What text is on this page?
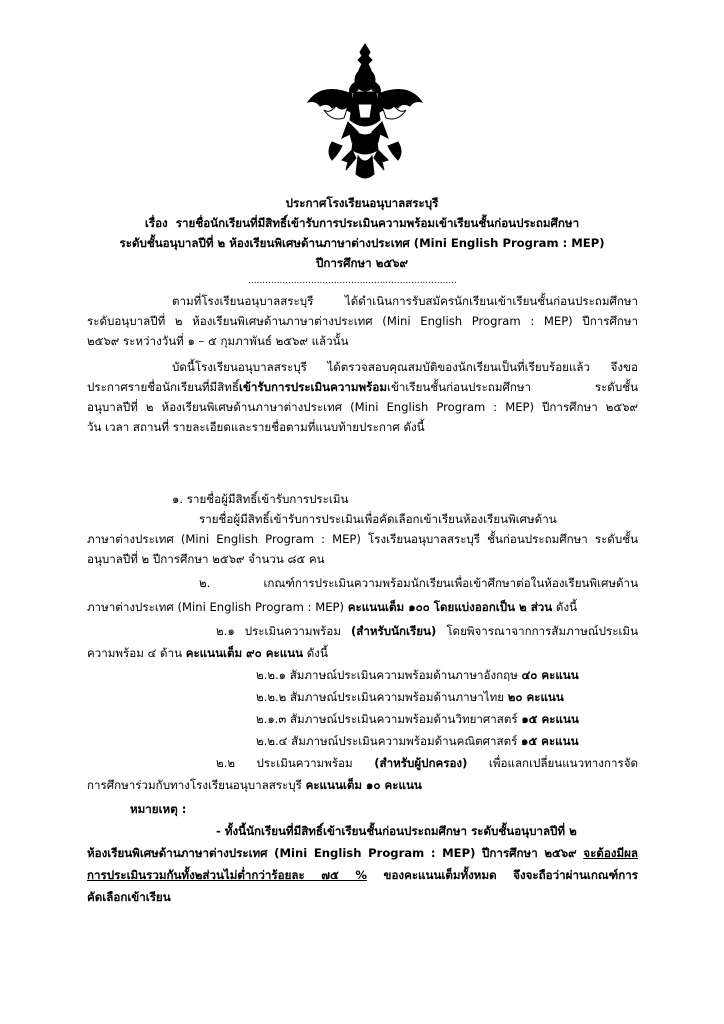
ประกาศโรงเรียนอนุบาลสระบุรี

เรื่อง รายชื่อนักเรียนที่มีสิทธิ์เข้ารับการประเมินความพร้อมเข้าเรียนชั้นก่อนประถมศึกษา

ระดับชั้นอนุบาลปีที่ ๒ ห้องเรียนพิเศษด้านภาษาต่างประเทศ (Mini English Program : MEP)

ปีการศึกษา ๒๕๖๙

.........................................................................

ตามที่โรงเรียนอนุบาลสระบุรี ได้ดำเนินการรับสมัครนักเรียนเข้าเรียนชั้นก่อนประถมศึกษา

ระดับอนุบาลปีที่ ๒ ห้องเรียนพิเศษด้านภาษาต่างประเทศ (Mini English Program : MEP) ปีการศึกษา

๒๕๖๙ ระหว่างวันที่ ๑ – ๕ กุมภาพันธ์ ๒๕๖๙ แล้วนั้น

บัดนี้โรงเรียนอนุบาลสระบุรี ได้ตรวจสอบคุณสมบัติของนักเรียนเป็นที่เรียบร้อยแล้ว จึงขอ

ประกาศรายชื่อนักเรียนที่มีสิทธิ์เข้ารับการประเมินความพร้อมเข้าเรียนชั้นก่อนประถมศึกษา ระดับชั้น

อนุบาลปีที่ ๒ ห้องเรียนพิเศษด้านภาษาต่างประเทศ (Mini English Program : MEP) ปีการศึกษา ๒๕๖๙

วัน เวลา สถานที่ รายละเอียดและรายชื่อตามที่แนบท้ายประกาศ ดังนี้

๑. รายชื่อผู้มีสิทธิ์เข้ารับการประเมิน

รายชื่อผู้มีสิทธิ์เข้ารับการประเมินเพื่อคัดเลือกเข้าเรียนห้องเรียนพิเศษด้าน

ภาษาต่างประเทศ (Mini English Program : MEP) โรงเรียนอนุบาลสระบุรี ชั้นก่อนประถมศึกษา ระดับชั้น

อนุบาลปีที่ ๒ ปีการศึกษา ๒๕๖๙ จำนวน ๘๕ คน

๒. เกณฑ์การประเมินความพร้อมนักเรียนเพื่อเข้าศึกษาต่อในห้องเรียนพิเศษด้าน

ภาษาต่างประเทศ (Mini English Program : MEP) คะแนนเต็ม ๑๐๐ โดยแบ่งออกเป็น ๒ ส่วน ดังนี้

๒.๑ ประเมินความพร้อม (สำหรับนักเรียน) โดยพิจารณาจากการสัมภาษณ์ประเมิน

ความพร้อม ๔ ด้าน คะแนนเต็ม ๙๐ คะแนน ดังนี้

๒.๒.๑ สัมภาษณ์ประเมินความพร้อมด้านภาษาอังกฤษ ๔๐ คะแนน

๒.๒.๒ สัมภาษณ์ประเมินความพร้อมด้านภาษาไทย ๒๐ คะแนน

๒.๑.๓ สัมภาษณ์ประเมินความพร้อมด้านวิทยาศาสตร์ ๑๕ คะแนน

๒.๒.๔ สัมภาษณ์ประเมินความพร้อมด้านคณิตศาสตร์ ๑๕ คะแนน

๒.๒ ประเมินความพร้อม (สำหรับผู้ปกครอง) เพื่อแลกเปลี่ยนแนวทางการจัด

การศึกษาร่วมกับทางโรงเรียนอนุบาลสระบุรี คะแนนเต็ม ๑๐ คะแนน

หมายเหตุ :

- ทั้งนี้นักเรียนที่มีสิทธิ์เข้าเรียนชั้นก่อนประถมศึกษา ระดับชั้นอนุบาลปีที่ ๒

ห้องเรียนพิเศษด้านภาษาต่างประเทศ (Mini English Program : MEP) ปีการศึกษา ๒๕๖๙ จะต้องมีผล

การประเมินรวมกันทั้ง๒ส่วนไม่ต่ำกว่าร้อยละ ๗๕ % ของคะแนนเต็มทั้งหมด จึงจะถือว่าผ่านเกณฑ์การ

คัดเลือกเข้าเรียน
